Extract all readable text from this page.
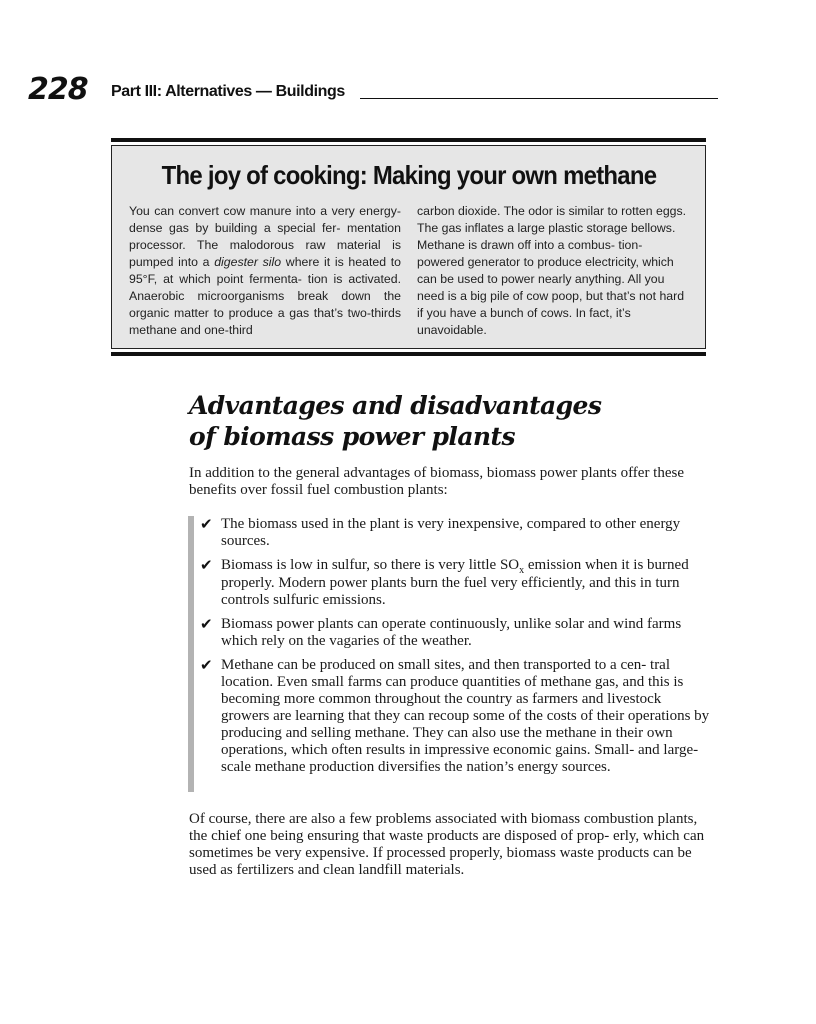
228 Part III: Alternatives — Buildings
The joy of cooking: Making your own methane

You can convert cow manure into a very energy-dense gas by building a special fer- mentation processor. The malodorous raw material is pumped into a digester silo where it is heated to 95°F, at which point fermenta- tion is activated. Anaerobic microorganisms break down the organic matter to produce a gas that’s two-thirds methane and one-third

carbon dioxide. The odor is similar to rotten eggs. The gas inflates a large plastic storage bellows. Methane is drawn off into a combus- tion-powered generator to produce electricity, which can be used to power nearly anything. All you need is a big pile of cow poop, but that’s not hard if you have a bunch of cows. In fact, it’s unavoidable.

Advantages and disadvantages
of biomass power plants

In addition to the general advantages of biomass, biomass power plants offer these benefits over fossil fuel combustion plants:

✔ The biomass used in the plant is very inexpensive, compared to other energy sources.
✔ Biomass is low in sulfur, so there is very little $SO_x$ emission when it is burned properly. Modern power plants burn the fuel very efficiently, and this in turn controls sulfuric emissions.
✔ Biomass power plants can operate continuously, unlike solar and wind farms which rely on the vagaries of the weather.
✔ Methane can be produced on small sites, and then transported to a cen- tral location. Even small farms can produce quantities of methane gas, and this is becoming more common throughout the country as farmers and livestock growers are learning that they can recoup some of the costs of their operations by producing and selling methane. They can also use the methane in their own operations, which often results in impressive economic gains. Small- and large-scale methane production diversifies the nation’s energy sources.

Of course, there are also a few problems associated with biomass combustion plants, the chief one being ensuring that waste products are disposed of prop- erly, which can sometimes be very expensive. If processed properly, biomass waste products can be used as fertilizers and clean landfill materials.
